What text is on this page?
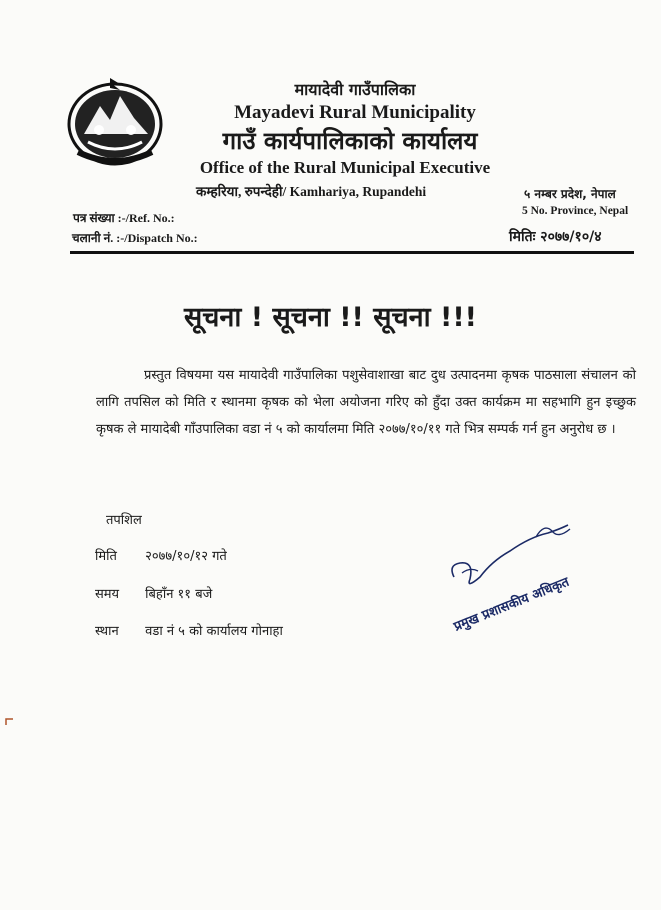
मायादेवी गाउँपालिका
Mayadevi Rural Municipality
गाउँ कार्यपालिकाको कार्यालय
Office of the Rural Municipal Executive
कम्हरिया, रुपन्देही/ Kamhariya, Rupandehi	५ नम्बर प्रदेश, नेपाल
5 No. Province, Nepal
पत्र संख्या :-/Ref. No.:
चलानी नं. :-/Dispatch No.:	मितिः २०७७/१०/४
सूचना ! सूचना !! सूचना !!!
प्रस्तुत विषयमा यस मायादेवी गाउँपालिका पशुसेवाशाखा बाट दुध उत्पादनमा कृषक पाठसाला संचालन को लागि तपसिल को मिति र स्थानमा कृषक को भेला अयोजना गरिए को हुँदा उक्त कार्यक्रम मा सहभागि हुन इच्छुक कृषक ले मायादेबी गाँउपालिका वडा नं ५ को कार्यालमा मिति २०७७/१०/११ गते भित्र सम्पर्क गर्न हुन अनुरोध छ ।
तपशिल
मिति २०७७/१०/१२ गते
समय बिहाँन ११ बजे
स्थान वडा नं ५ को कार्यालय गोनाहा	प्रमुख प्रशासकीय अधिकृत
